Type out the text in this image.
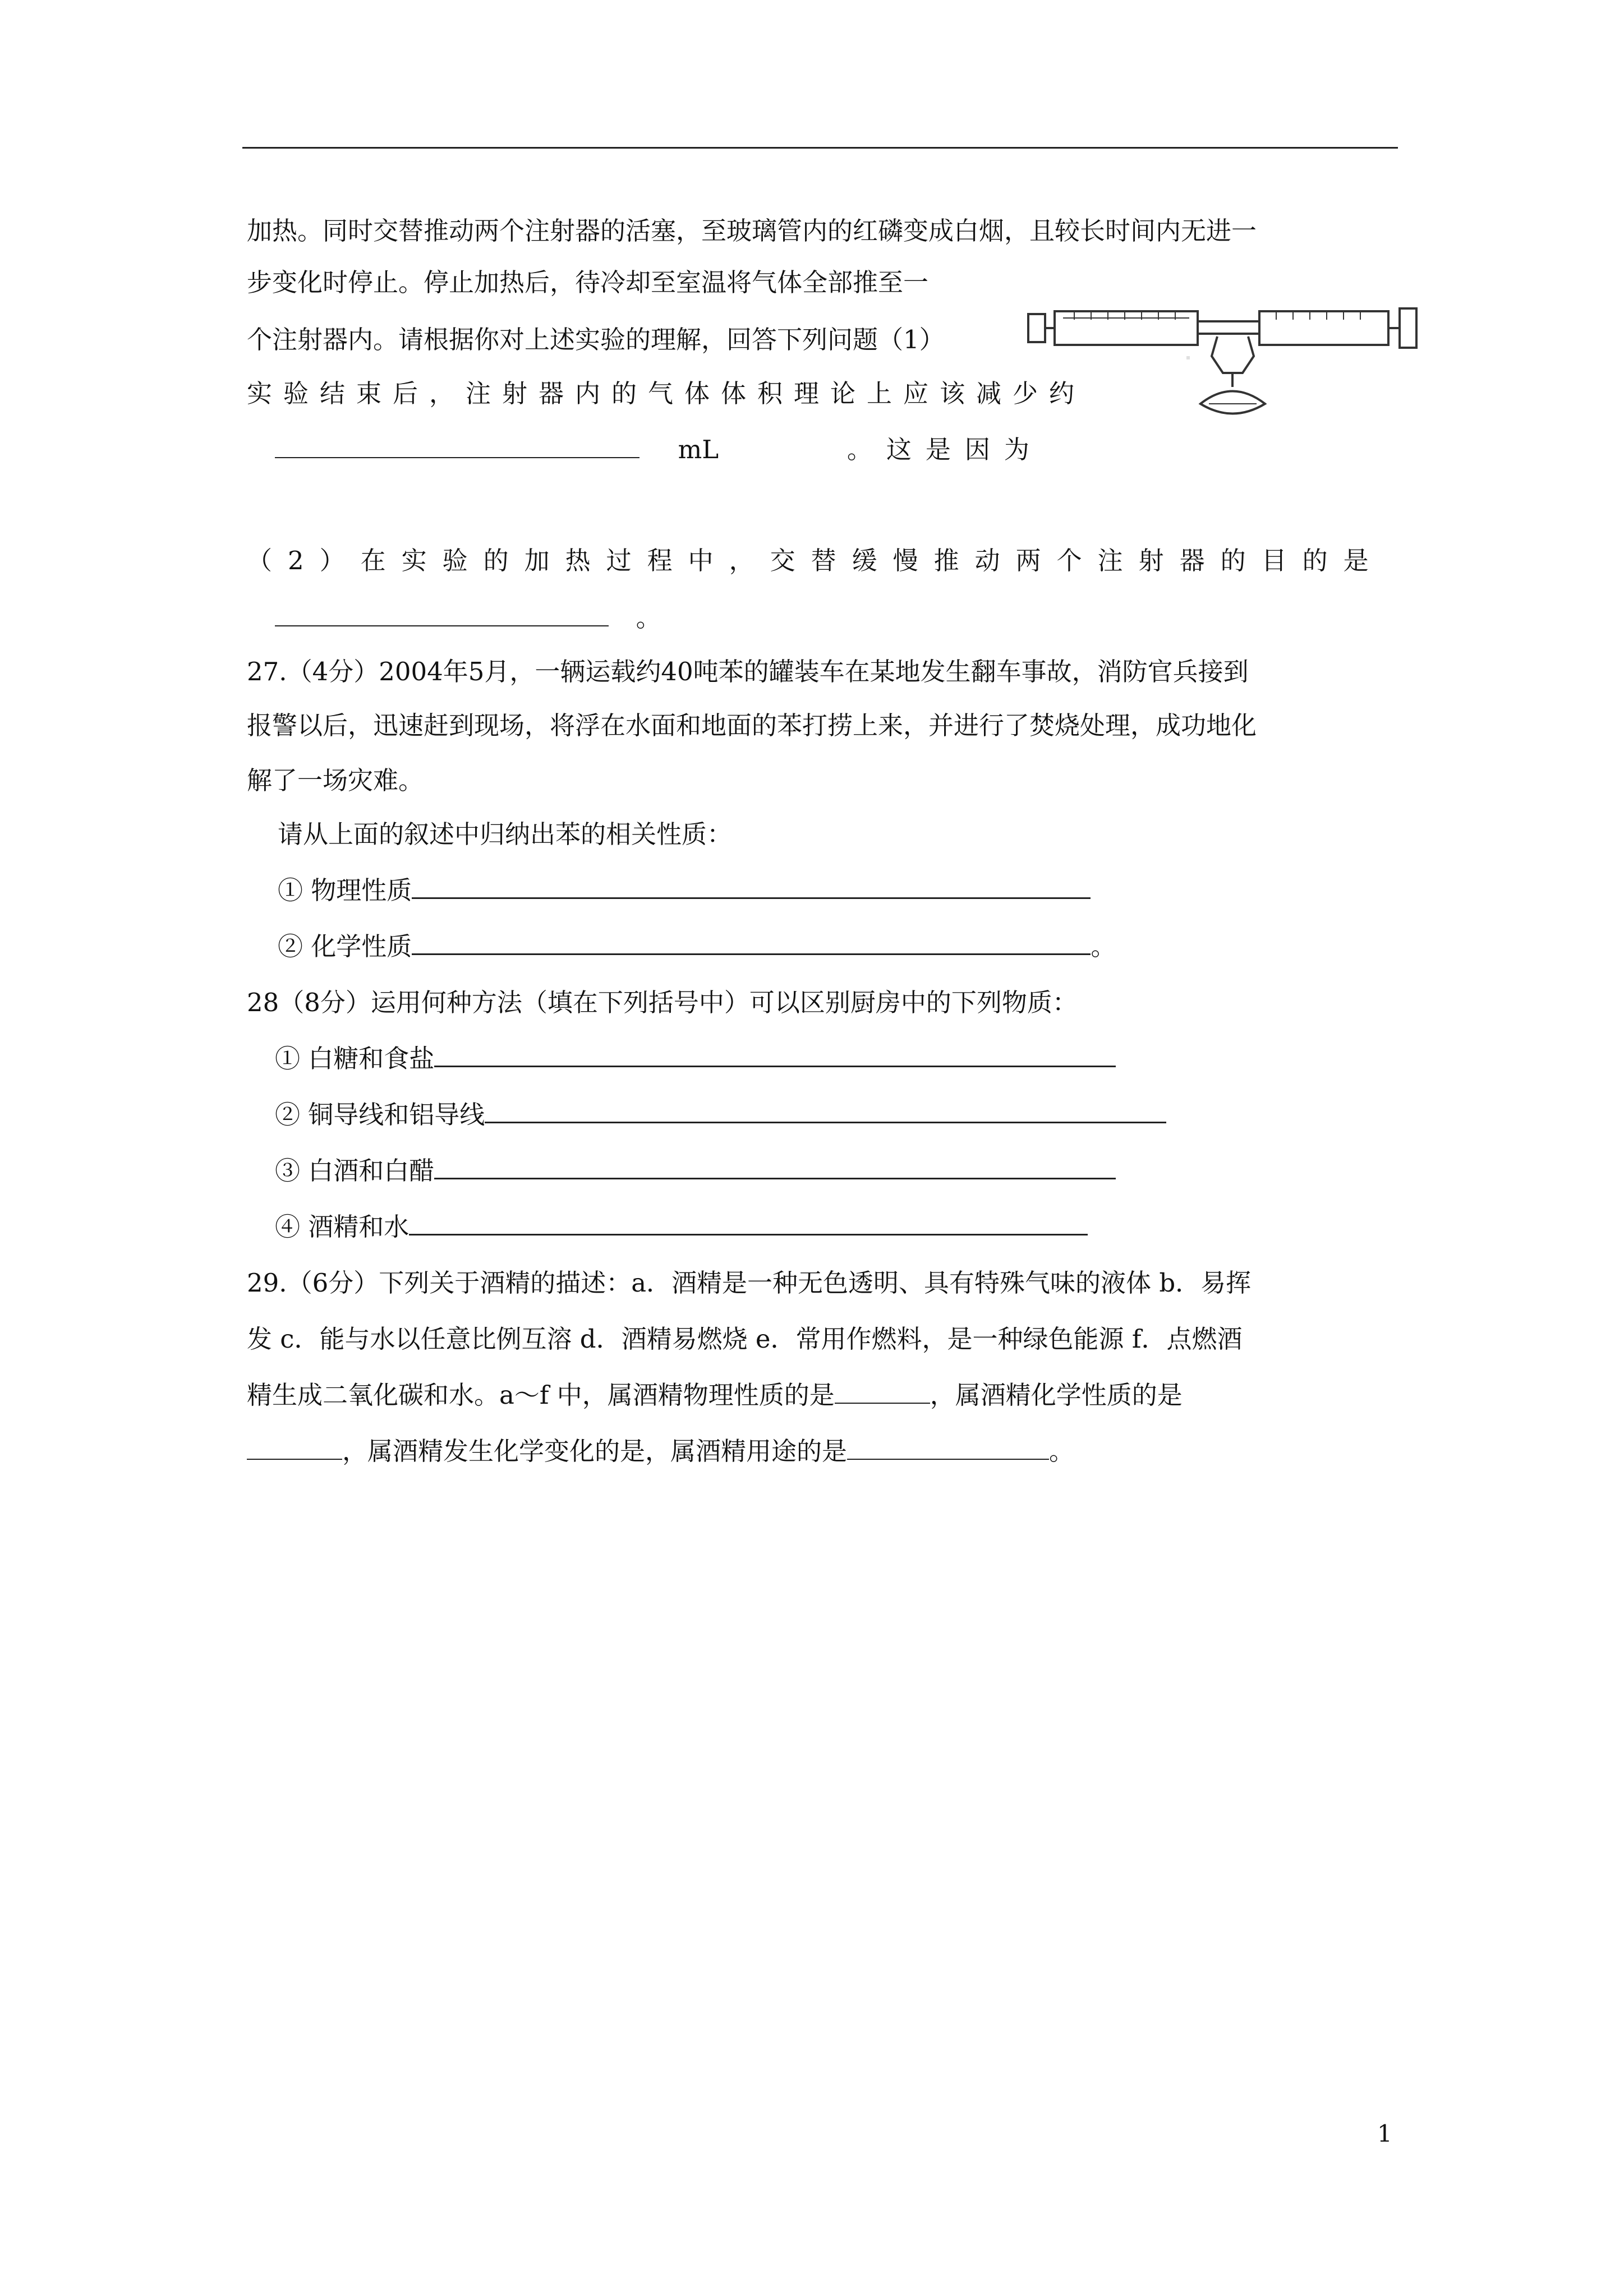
加热。同时交替推动两个注射器的活塞，至玻璃管内的红磷变成白烟，且较长时间内无进一
步变化时停止。停止加热后，待冷却至室温将气体全部推至一
个注射器内。请根据你对上述实验的理解，回答下列问题（1）
实验结束后，注射器内的气体体积理论上应该减少约
mL	。这是因为
（2）在实验的加热过程中，交替缓慢推动两个注射器的目的是
。
27.（4分）2004年5月，一辆运载约40吨苯的罐装车在某地发生翻车事故，消防官兵接到
报警以后，迅速赶到现场，将浮在水面和地面的苯打捞上来，并进行了焚烧处理，成功地化
解了一场灾难。
请从上面的叙述中归纳出苯的相关性质：
① 物理性质
② 化学性质	。
28（8分）运用何种方法（填在下列括号中）可以区别厨房中的下列物质：
① 白糖和食盐
② 铜导线和铝导线
③ 白酒和白醋
④ 酒精和水
29.（6分）下列关于酒精的描述：a．酒精是一种无色透明、具有特殊气味的液体 b．易挥
发 c．能与水以任意比例互溶 d．酒精易燃烧 e．常用作燃料，是一种绿色能源 f．点燃酒
精生成二氧化碳和水。a～f 中，属酒精物理性质的是	，属酒精化学性质的是
，属酒精发生化学变化的是，属酒精用途的是	。
1
